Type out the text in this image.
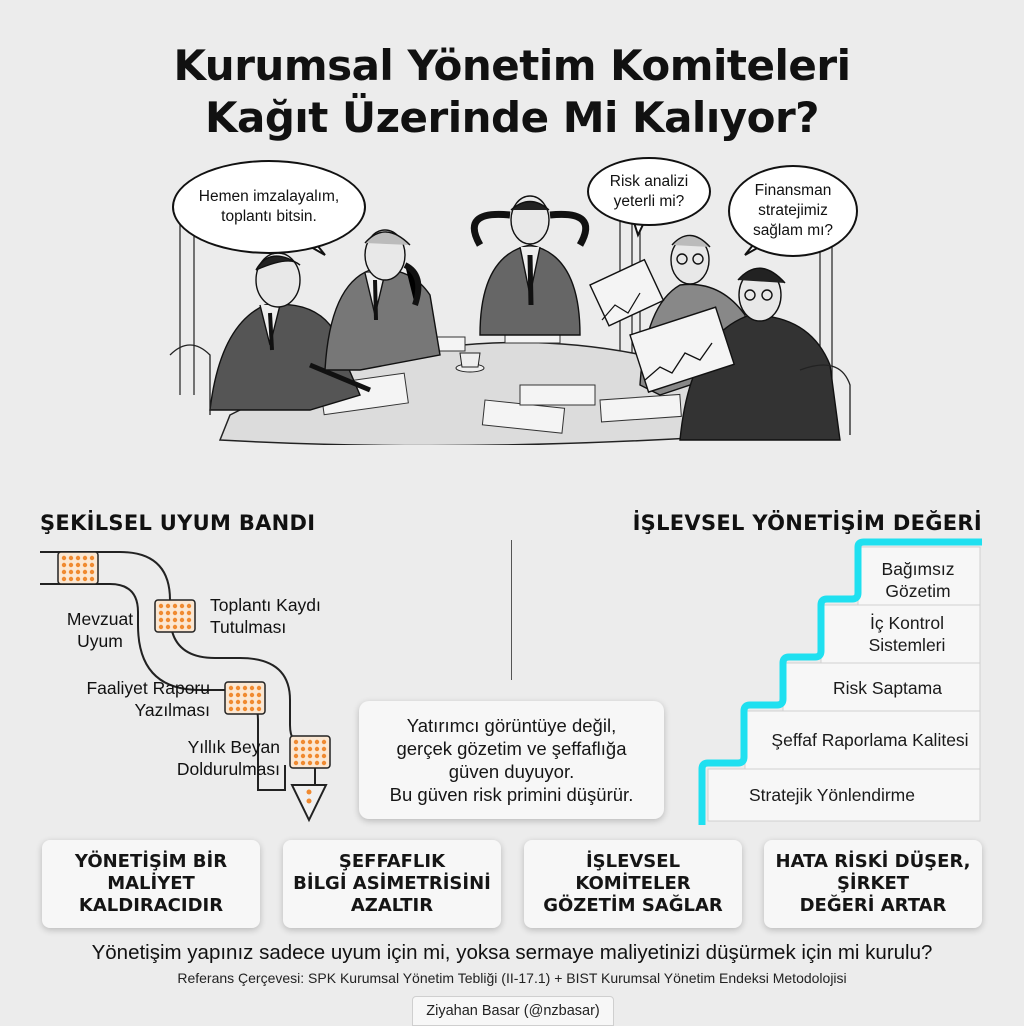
Kurumsal Yönetim Komiteleri
Kağıt Üzerinde Mi Kalıyor?
Hemen imzalayalım,
toplantı bitsin.
Risk analizi
yeterli mi?
Finansman
stratejimiz
sağlam mı?
ŞEKİLSEL UYUM BANDI	İŞLEVSEL YÖNETİŞİM DEĞERİ
Mevzuat
Uyum
Toplantı Kaydı
Tutulması
Faaliyet Raporu
Yazılması
Yıllık Beyan
Doldurulması
Bağımsız
Gözetim
İç Kontrol
Sistemleri
Risk Saptama
Şeffaf Raporlama Kalitesi
Stratejik Yönlendirme
Yatırımcı görüntüye değil,
gerçek gözetim ve şeffaflığa
güven duyuyor.
Bu güven risk primini düşürür.
YÖNETİŞİM BİR
MALİYET
KALDIRACIDIR
ŞEFFAFLIK
BİLGİ ASİMETRİSİNİ
AZALTIR
İŞLEVSEL
KOMİTELER
GÖZETİM SAĞLAR
HATA RİSKİ DÜŞER,
ŞİRKET
DEĞERİ ARTAR
Yönetişim yapınız sadece uyum için mi, yoksa sermaye maliyetinizi düşürmek için mi kurulu?
Referans Çerçevesi: SPK Kurumsal Yönetim Tebliği (II-17.1) + BIST Kurumsal Yönetim Endeksi Metodolojisi
Ziyahan Basar (@nzbasar)
